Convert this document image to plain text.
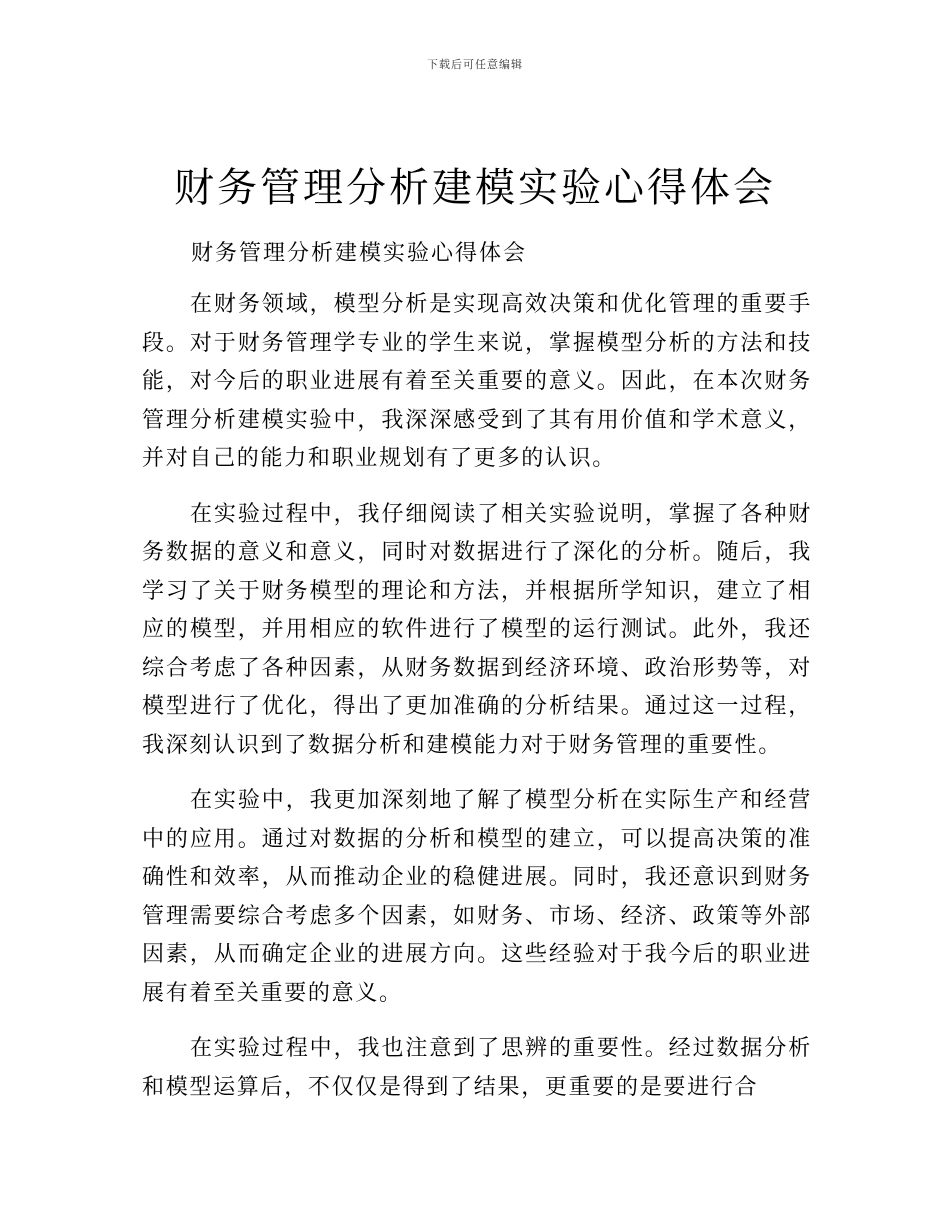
下载后可任意编辑
财务管理分析建模实验心得体会

财务管理分析建模实验心得体会

在财务领域，模型分析是实现高效决策和优化管理的重要手段。对于财务管理学专业的学生来说，掌握模型分析的方法和技能，对今后的职业进展有着至关重要的意义。因此，在本次财务管理分析建模实验中，我深深感受到了其有用价值和学术意义，并对自己的能力和职业规划有了更多的认识。

在实验过程中，我仔细阅读了相关实验说明，掌握了各种财务数据的意义和意义，同时对数据进行了深化的分析。随后，我学习了关于财务模型的理论和方法，并根据所学知识，建立了相应的模型，并用相应的软件进行了模型的运行测试。此外，我还综合考虑了各种因素，从财务数据到经济环境、政治形势等，对模型进行了优化，得出了更加准确的分析结果。通过这一过程，我深刻认识到了数据分析和建模能力对于财务管理的重要性。

在实验中，我更加深刻地了解了模型分析在实际生产和经营中的应用。通过对数据的分析和模型的建立，可以提高决策的准确性和效率，从而推动企业的稳健进展。同时，我还意识到财务管理需要综合考虑多个因素，如财务、市场、经济、政策等外部因素，从而确定企业的进展方向。这些经验对于我今后的职业进展有着至关重要的意义。

在实验过程中，我也注意到了思辨的重要性。经过数据分析和模型运算后，不仅仅是得到了结果，更重要的是要进行合
